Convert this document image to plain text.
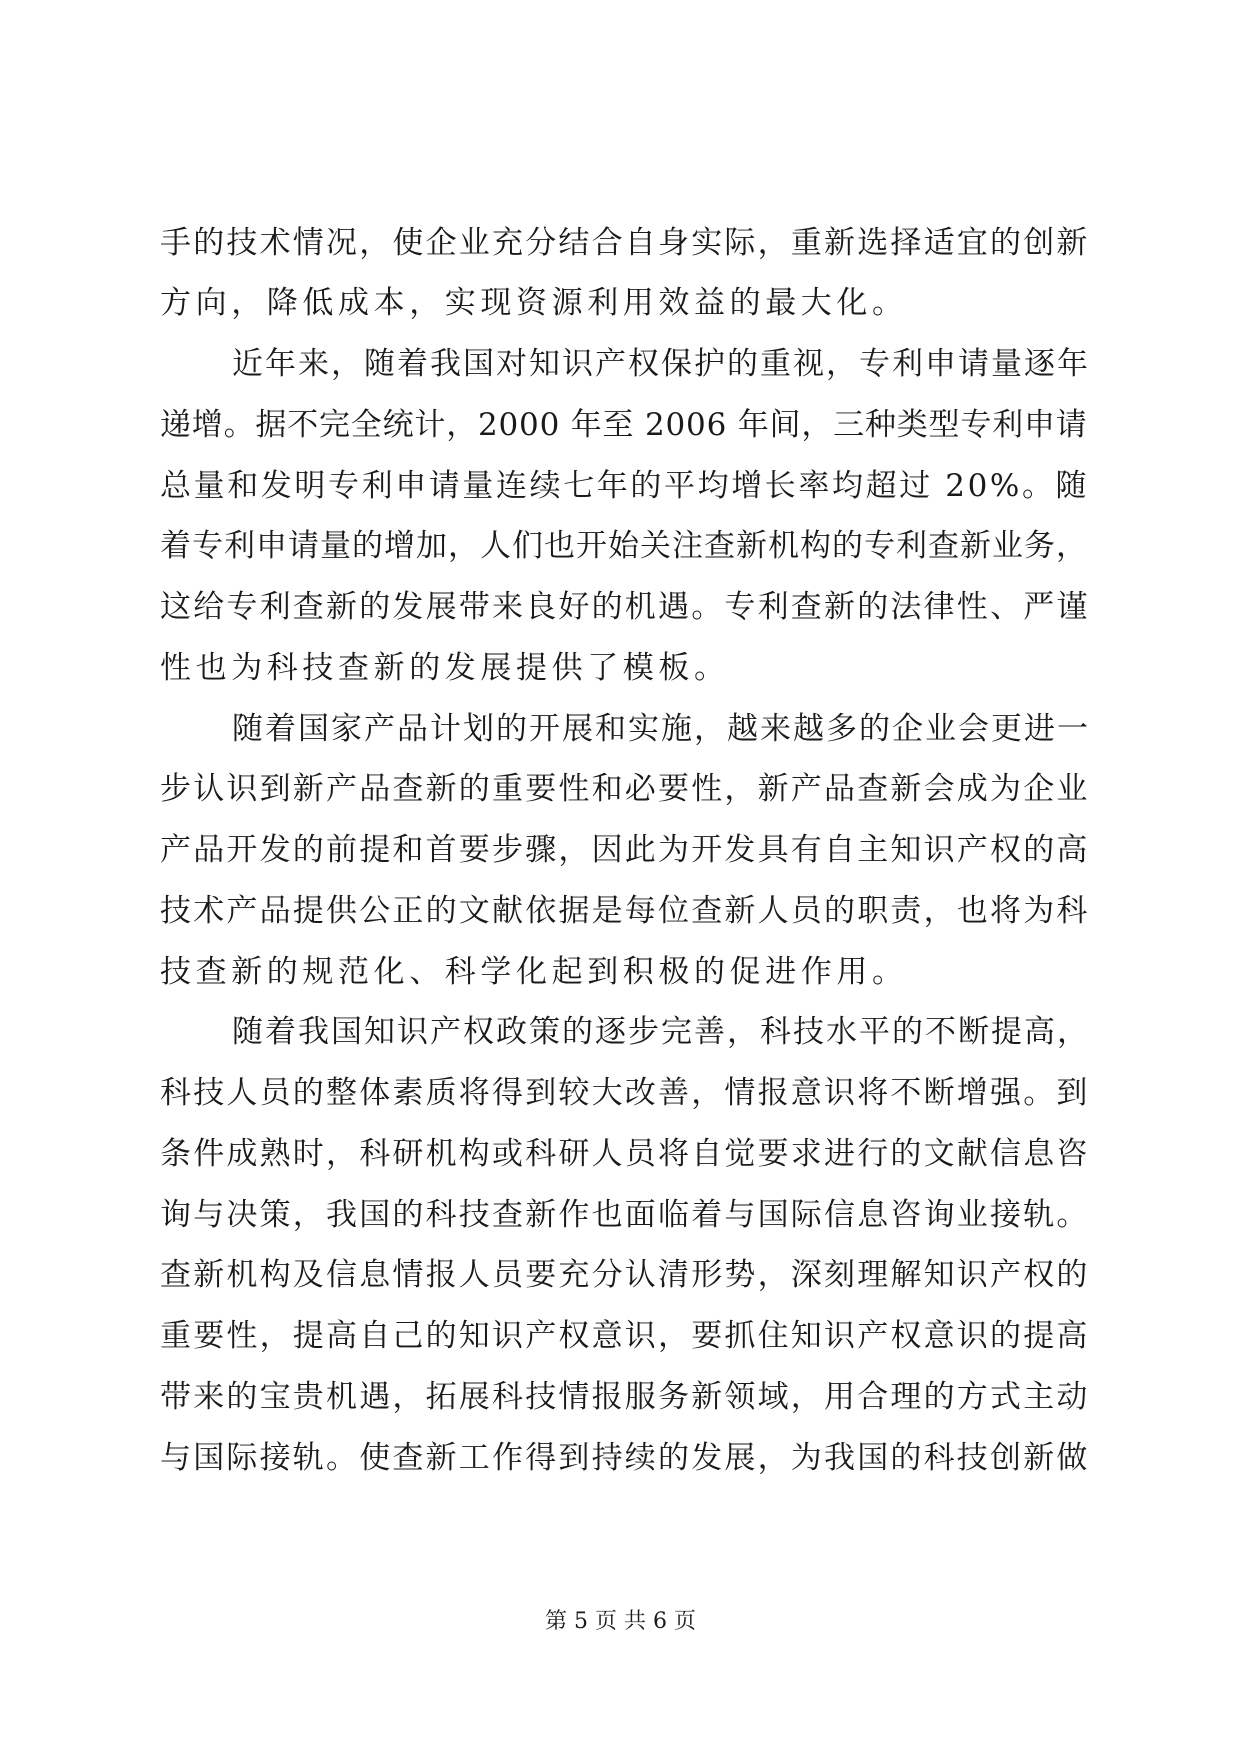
手的技术情况，使企业充分结合自身实际，重新选择适宜的创新
方向，降低成本，实现资源利用效益的最大化。
近年来，随着我国对知识产权保护的重视，专利申请量逐年
递增。据不完全统计，2000 年至 2006 年间，三种类型专利申请
总量和发明专利申请量连续七年的平均增长率均超过 20%。随
着专利申请量的增加，人们也开始关注查新机构的专利查新业务，
这给专利查新的发展带来良好的机遇。专利查新的法律性、严谨
性也为科技查新的发展提供了模板。
随着国家产品计划的开展和实施，越来越多的企业会更进一
步认识到新产品查新的重要性和必要性，新产品查新会成为企业
产品开发的前提和首要步骤，因此为开发具有自主知识产权的高
技术产品提供公正的文献依据是每位查新人员的职责，也将为科
技查新的规范化、科学化起到积极的促进作用。
随着我国知识产权政策的逐步完善，科技水平的不断提高，
科技人员的整体素质将得到较大改善，情报意识将不断增强。到
条件成熟时，科研机构或科研人员将自觉要求进行的文献信息咨
询与决策，我国的科技查新作也面临着与国际信息咨询业接轨。
查新机构及信息情报人员要充分认清形势，深刻理解知识产权的
重要性，提高自己的知识产权意识，要抓住知识产权意识的提高
带来的宝贵机遇，拓展科技情报服务新领域，用合理的方式主动
与国际接轨。使查新工作得到持续的发展，为我国的科技创新做
第 5 页 共 6 页
